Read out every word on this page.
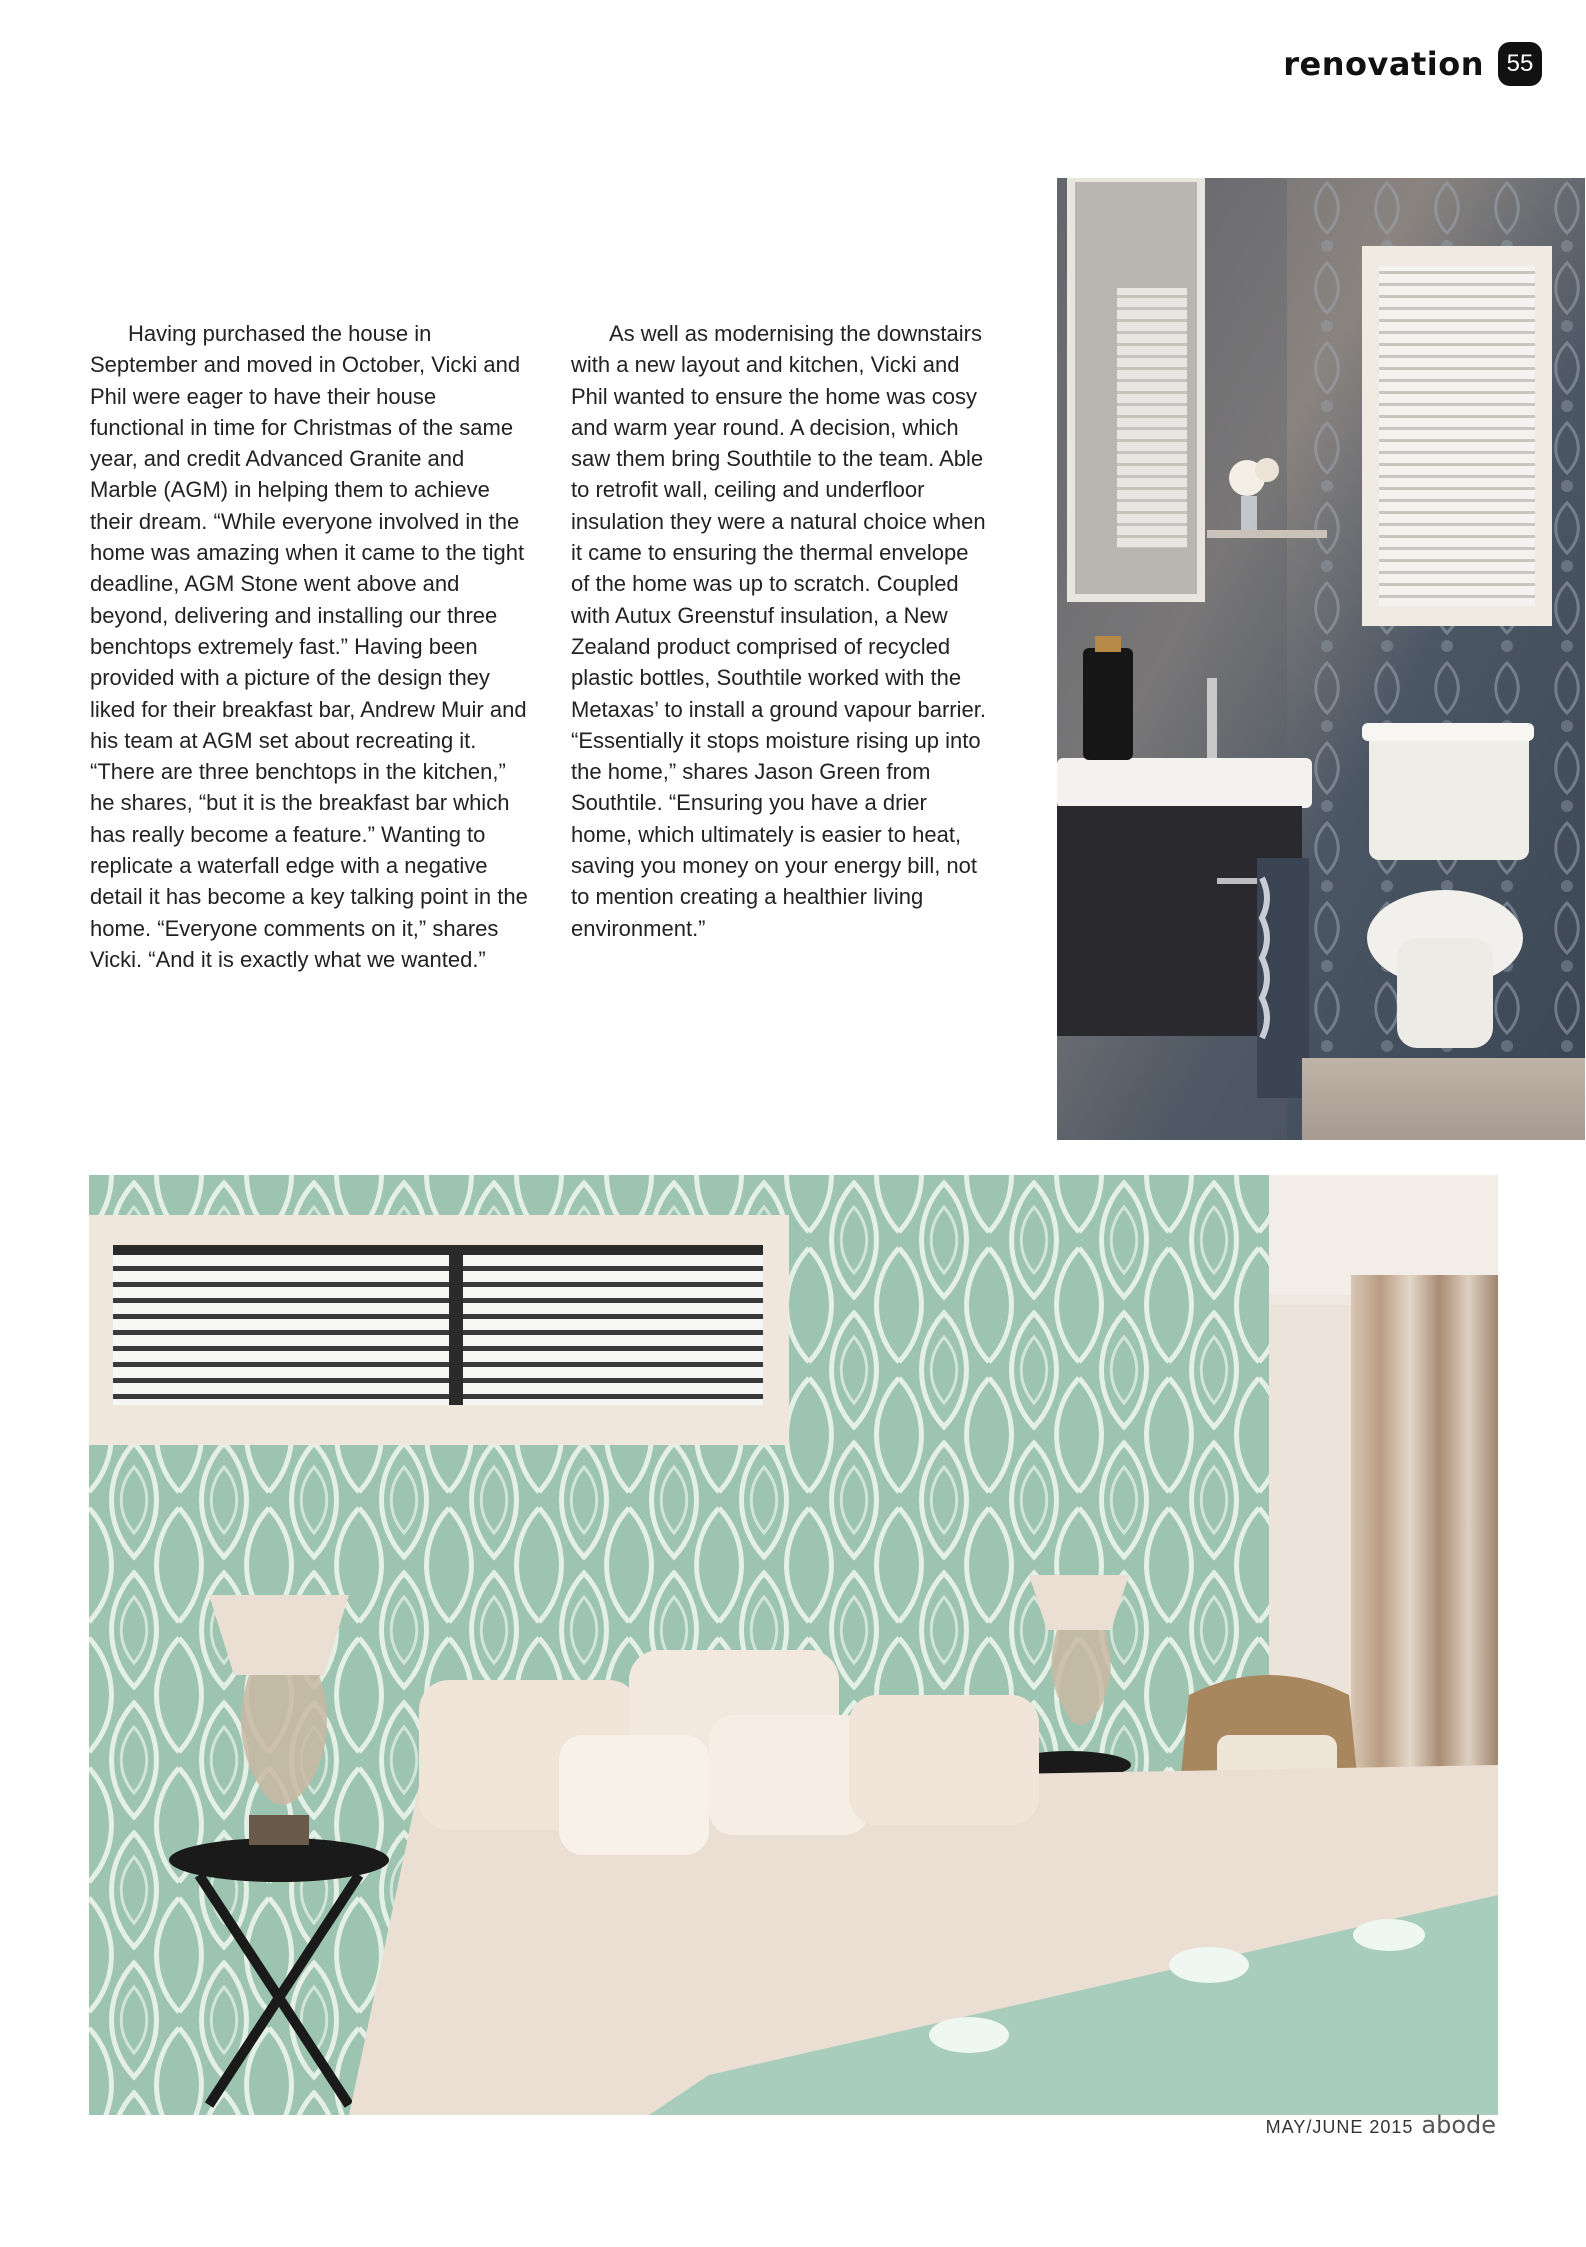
renovation 55

Having purchased the house in September and moved in October, Vicki and Phil were eager to have their house functional in time for Christmas of the same year, and credit Advanced Granite and Marble (AGM) in helping them to achieve their dream. “While everyone involved in the home was amazing when it came to the tight deadline, AGM Stone went above and beyond, delivering and installing our three benchtops extremely fast.” Having been provided with a picture of the design they liked for their breakfast bar, Andrew Muir and his team at AGM set about recreating it. “There are three benchtops in the kitchen,” he shares, “but it is the breakfast bar which has really become a feature.” Wanting to replicate a waterfall edge with a negative detail it has become a key talking point in the home. “Everyone comments on it,” shares Vicki. “And it is exactly what we wanted.”

As well as modernising the downstairs with a new layout and kitchen, Vicki and Phil wanted to ensure the home was cosy and warm year round. A decision, which saw them bring Southtile to the team. Able to retrofit wall, ceiling and underfloor insulation they were a natural choice when it came to ensuring the thermal envelope of the home was up to scratch. Coupled with Autux Greenstuf insulation, a New Zealand product comprised of recycled plastic bottles, Southtile worked with the Metaxas’ to install a ground vapour barrier. “Essentially it stops moisture rising up into the home,” shares Jason Green from Southtile. “Ensuring you have a drier home, which ultimately is easier to heat, saving you money on your energy bill, not to mention creating a healthier living environment.”

MAY/JUNE 2015 abode
